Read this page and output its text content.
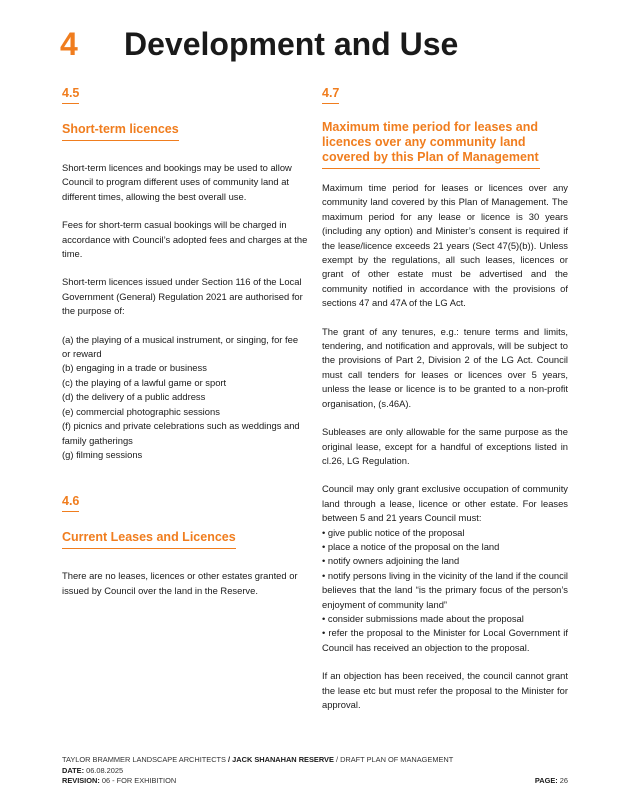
4 Development and Use
4.5
Short-term licences

Short-term licences and bookings may be used to allow Council to program different uses of community land at different times, allowing the best overall use.

Fees for short-term casual bookings will be charged in accordance with Council’s adopted fees and charges at the time.

Short-term licences issued under Section 116 of the Local Government (General) Regulation 2021 are authorised for the purpose of:

(a) the playing of a musical instrument, or singing, for fee or reward
(b) engaging in a trade or business
(c) the playing of a lawful game or sport
(d) the delivery of a public address
(e) commercial photographic sessions
(f) picnics and private celebrations such as weddings and family gatherings
(g) filming sessions
4.6
Current Leases and Licences

There are no leases, licences or other estates granted or issued by Council over the land in the Reserve.

4.7
Maximum time period for leases and licences over any community land covered by this Plan of Management

Maximum time period for leases or licences over any community land covered by this Plan of Management. The maximum period for any lease or licence is 30 years (including any option) and Minister’s consent is required if the lease/licence exceeds 21 years (Sect 47(5)(b)). Unless exempt by the regulations, all such leases, licences or grant of other estate must be advertised and the community notified in accordance with the provisions of sections 47 and 47A of the LG Act.

The grant of any tenures, e.g.: tenure terms and limits, tendering, and notification and approvals, will be subject to the provisions of Part 2, Division 2 of the LG Act. Council must call tenders for leases or licences over 5 years, unless the lease or licence is to be granted to a non-profit organisation, (s.46A).

Subleases are only allowable for the same purpose as the original lease, except for a handful of exceptions listed in cl.26, LG Regulation.

Council may only grant exclusive occupation of community land through a lease, licence or other estate. For leases between 5 and 21 years Council must:

• give public notice of the proposal
• place a notice of the proposal on the land
• notify owners adjoining the land
• notify persons living in the vicinity of the land if the council believes that the land “is the primary focus of the person’s enjoyment of community land”
• consider submissions made about the proposal
• refer the proposal to the Minister for Local Government if Council has received an objection to the proposal.

If an objection has been received, the council cannot grant the lease etc but must refer the proposal to the Minister for approval.

TAYLOR BRAMMER LANDSCAPE ARCHITECTS / JACK SHANAHAN RESERVE / DRAFT PLAN OF MANAGEMENT
DATE: 06.08.2025
REVISION: 06 - FOR EXHIBITION	PAGE: 26
